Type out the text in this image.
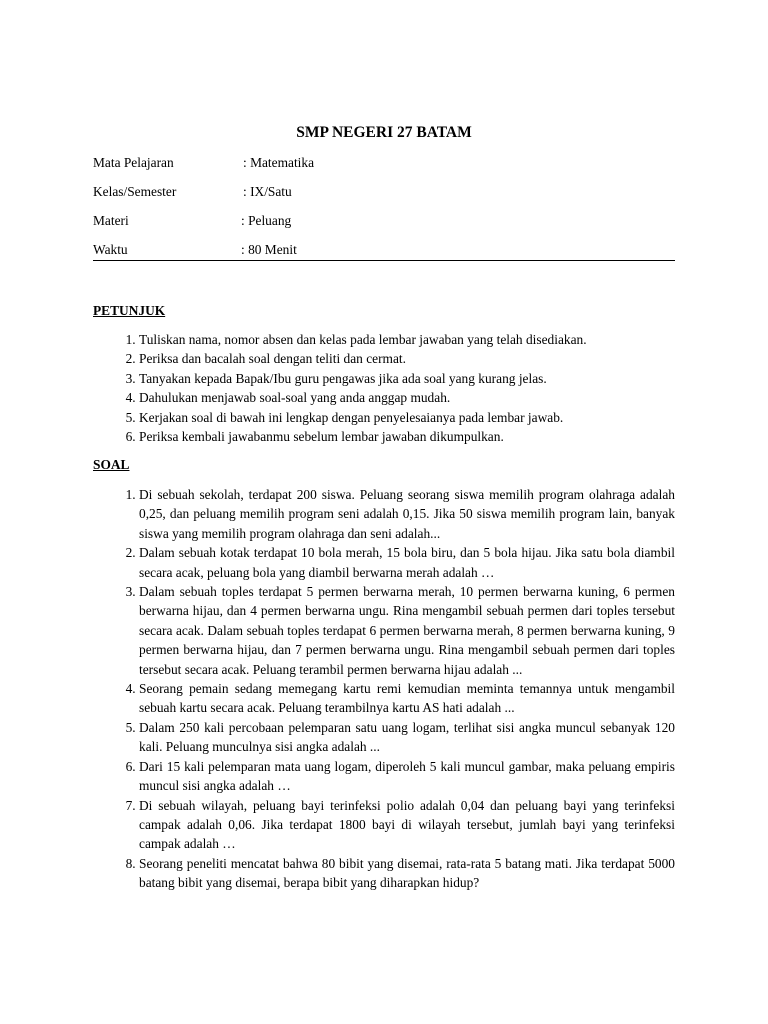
SMP NEGERI 27 BATAM
Mata Pelajaran	: Matematika
Kelas/Semester	: IX/Satu
Materi	: Peluang
Waktu	: 80 Menit
PETUNJUK
1. Tuliskan nama, nomor absen dan kelas pada lembar jawaban yang telah disediakan.
2. Periksa dan bacalah soal dengan teliti dan cermat.
3. Tanyakan kepada Bapak/Ibu guru pengawas jika ada soal yang kurang jelas.
4. Dahulukan menjawab soal-soal yang anda anggap mudah.
5. Kerjakan soal di bawah ini lengkap dengan penyelesaianya pada lembar jawab.
6. Periksa kembali jawabanmu sebelum lembar jawaban dikumpulkan.
SOAL
1. Di sebuah sekolah, terdapat 200 siswa. Peluang seorang siswa memilih program olahraga adalah 0,25, dan peluang memilih program seni adalah 0,15. Jika 50 siswa memilih program lain, banyak siswa yang memilih program olahraga dan seni adalah...
2. Dalam sebuah kotak terdapat 10 bola merah, 15 bola biru, dan 5 bola hijau. Jika satu bola diambil secara acak, peluang bola yang diambil berwarna merah adalah …
3. Dalam sebuah toples terdapat 5 permen berwarna merah, 10 permen berwarna kuning, 6 permen berwarna hijau, dan 4 permen berwarna ungu. Rina mengambil sebuah permen dari toples tersebut secara acak. Dalam sebuah toples terdapat 6 permen berwarna merah, 8 permen berwarna kuning, 9 permen berwarna hijau, dan 7 permen berwarna ungu. Rina mengambil sebuah permen dari toples tersebut secara acak. Peluang terambil permen berwarna hijau adalah ...
4. Seorang pemain sedang memegang kartu remi kemudian meminta temannya untuk mengambil sebuah kartu secara acak. Peluang terambilnya kartu AS hati adalah ...
5. Dalam 250 kali percobaan pelemparan satu uang logam, terlihat sisi angka muncul sebanyak 120 kali. Peluang munculnya sisi angka adalah ...
6. Dari 15 kali pelemparan mata uang logam, diperoleh 5 kali muncul gambar, maka peluang empiris muncul sisi angka adalah …
7. Di sebuah wilayah, peluang bayi terinfeksi polio adalah 0,04 dan peluang bayi yang terinfeksi campak adalah 0,06. Jika terdapat 1800 bayi di wilayah tersebut, jumlah bayi yang terinfeksi campak adalah …
8. Seorang peneliti mencatat bahwa 80 bibit yang disemai, rata-rata 5 batang mati. Jika terdapat 5000 batang bibit yang disemai, berapa bibit yang diharapkan hidup?
